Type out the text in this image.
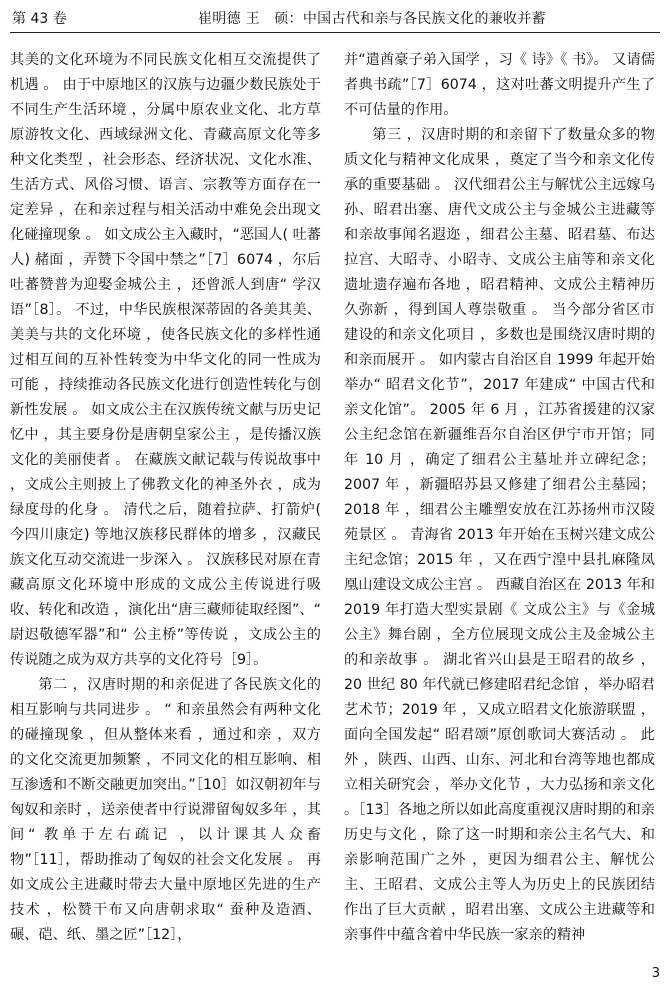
第 43 卷	崔明德 王　硕：中国古代和亲与各民族文化的兼收并蓄

其美的文化环境为不同民族文化相互交流提供了机遇 。 由于中原地区的汉族与边疆少数民族处于不同生产生活环境 ，分属中原农业文化、北方草原游牧文化、西域绿洲文化、青藏高原文化等多种文化类型 ，社会形态、经济状况、文化水准、生活方式、风俗习惯、语言、宗教等方面存在一定差异 ，在和亲过程与相关活动中难免会出现文化碰撞现象 。 如文成公主入藏时，“恶国人( 吐蕃人) 赭面 ，弄赞下令国中禁之”［7］6074 ，尔后吐蕃赞普为迎娶金城公主 ，还曾派人到唐“ 学汉语”［8］。 不过，中华民族根深蒂固的各美其美、美美与共的文化环境 ，使各民族文化的多样性通过相互间的互补性转变为中华文化的同一性成为可能 ，持续推动各民族文化进行创造性转化与创新性发展 。 如文成公主在汉族传统文献与历史记忆中 ，其主要身份是唐朝皇家公主 ，是传播汉族文化的美丽使者 。 在藏族文献记载与传说故事中 ，文成公主则披上了佛教文化的神圣外衣 ，成为绿度母的化身 。 清代之后，随着拉萨、打箭炉( 今四川康定) 等地汉族移民群体的增多 ，汉藏民族文化互动交流进一步深入 。 汉族移民对原在青藏高原文化环境中形成的文成公主传说进行吸收、转化和改造 ，演化出“唐三藏师徒取经图”、“ 尉迟敬德军器”和“ 公主桥”等传说 ，文成公主的传说随之成为双方共享的文化符号［9］。

第二 ，汉唐时期的和亲促进了各民族文化的相互影响与共同进步 。 “ 和亲虽然会有两种文化的碰撞现象 ，但从整体来看 ，通过和亲 ，双方的文化交流更加频繁 ，不同文化的相互影响、相互渗透和不断交融更加突出。”［10］如汉朝初年与匈奴和亲时 ，送亲使者中行说滞留匈奴多年 ，其间“ 教单于左右疏记 ，以计课其人众畜物”［11］，帮助推动了匈奴的社会文化发展 。 再如文成公主进藏时带去大量中原地区先进的生产技术 ，松赞干布又向唐朝求取“ 蚕种及造酒、碾、硙、纸、墨之匠”［12］，

并“遣酋豪子弟入国学 ，习《 诗》《 书》。 又请儒者典书疏”［7］6074 ，这对吐蕃文明提升产生了不可估量的作用。

第三 ，汉唐时期的和亲留下了数量众多的物质文化与精神文化成果 ，奠定了当今和亲文化传承的重要基础 。 汉代细君公主与解忧公主远嫁乌孙、昭君出塞、唐代文成公主与金城公主进藏等和亲故事闻名遐迩 ，细君公主墓、昭君墓、布达拉宫、大昭寺、小昭寺、文成公主庙等和亲文化遗址遗存遍布各地 ，昭君精神、文成公主精神历久弥新 ，得到国人尊崇敬重 。 当今部分省区市建设的和亲文化项目 ，多数也是围绕汉唐时期的和亲而展开 。 如内蒙古自治区自 1999 年起开始举办“ 昭君文化节”，2017 年建成“ 中国古代和亲文化馆”。 2005 年 6 月 ，江苏省援建的汉家公主纪念馆在新疆维吾尔自治区伊宁市开馆；同年 10 月 ，确定了细君公主墓址并立碑纪念；2007 年 ，新疆昭苏县又修建了细君公主墓园；2018 年 ，细君公主雕塑安放在江苏扬州市汉陵苑景区 。 青海省 2013 年开始在玉树兴建文成公主纪念馆；2015 年 ，又在西宁湟中县扎麻隆凤凰山建设文成公主宫 。 西藏自治区在 2013 年和 2019 年打造大型实景剧《 文成公主》与《金城公主》舞台剧 ，全方位展现文成公主及金城公主的和亲故事 。 湖北省兴山县是王昭君的故乡 ，20 世纪 80 年代就已修建昭君纪念馆 ，举办昭君艺术节；2019 年 ，又成立昭君文化旅游联盟 ，面向全国发起“ 昭君颂”原创歌词大赛活动 。 此外 ，陕西、山西、山东、河北和台湾等地也都成立相关研究会 ，举办文化节 ，大力弘扬和亲文化 。［13］各地之所以如此高度重视汉唐时期的和亲历史与文化 ，除了这一时期和亲公主名气大、和亲影响范围广之外 ，更因为细君公主、解忧公主、王昭君、文成公主等人为历史上的民族团结作出了巨大贡献 ，昭君出塞、文成公主进藏等和亲事件中蕴含着中华民族一家亲的精神

3
